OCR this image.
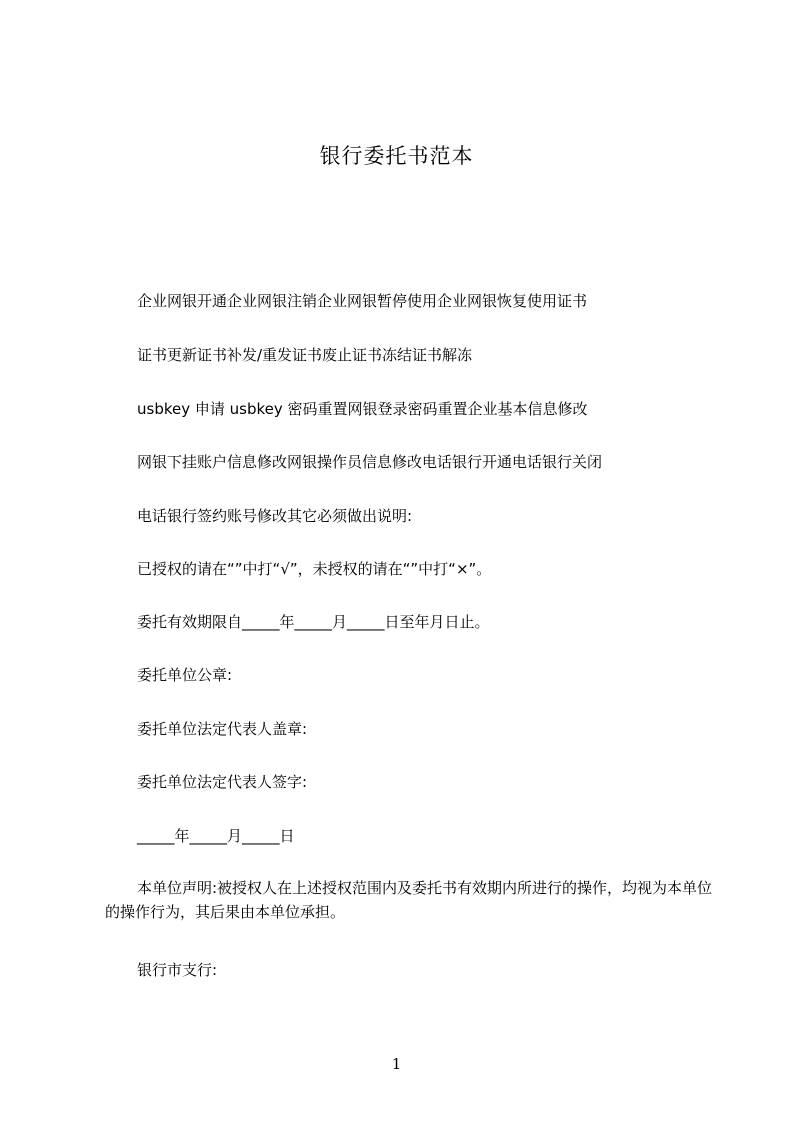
银行委托书范本
企业网银开通企业网银注销企业网银暂停使用企业网银恢复使用证书
证书更新证书补发/重发证书废止证书冻结证书解冻
usbkey 申请 usbkey 密码重置网银登录密码重置企业基本信息修改
网银下挂账户信息修改网银操作员信息修改电话银行开通电话银行关闭
电话银行签约账号修改其它必须做出说明:
已授权的请在“”中打“√”，未授权的请在“”中打“×”。
委托有效期限自_____年_____月_____日至年月日止。
委托单位公章:
委托单位法定代表人盖章:
委托单位法定代表人签字:
_____年_____月_____日
本单位声明:被授权人在上述授权范围内及委托书有效期内所进行的操作，均视为本单位的操作行为，其后果由本单位承担。
银行市支行:
1
